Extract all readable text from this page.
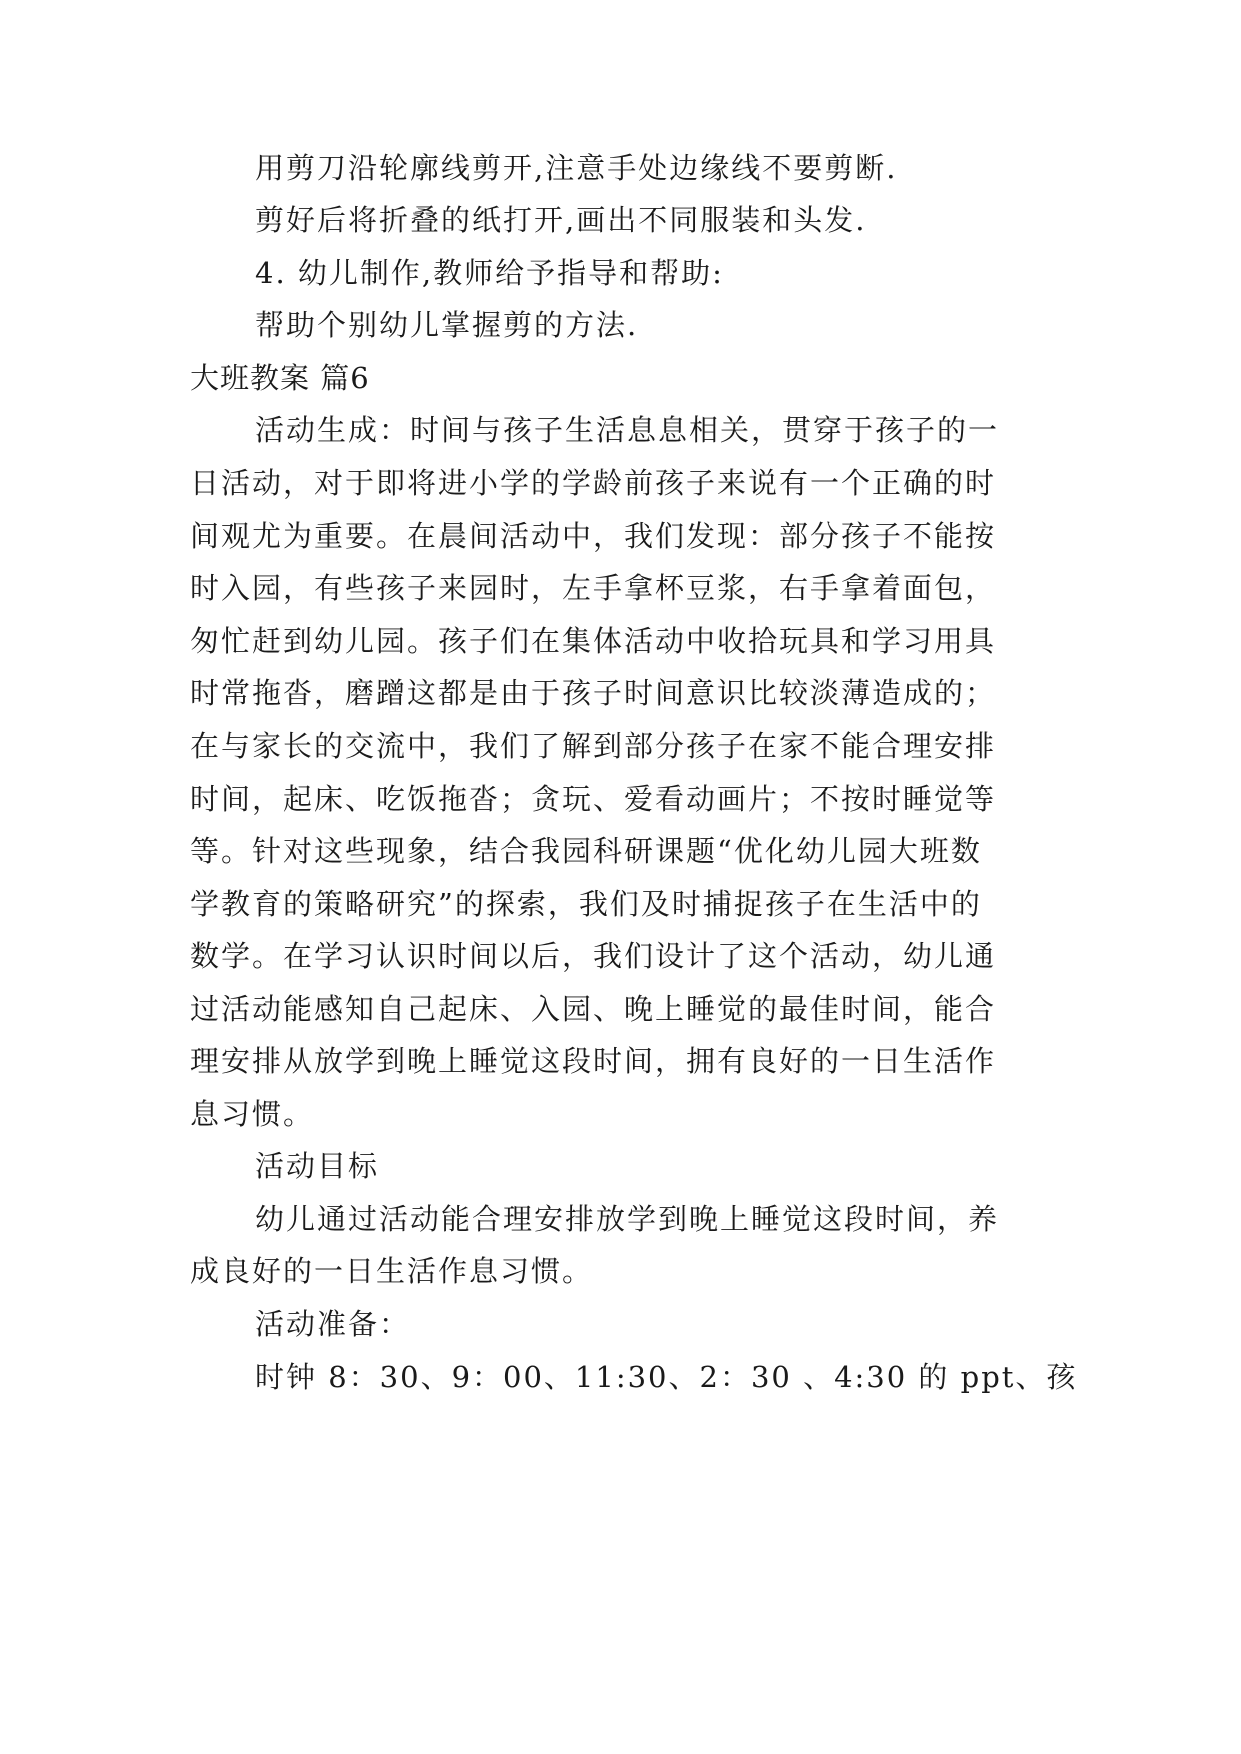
用剪刀沿轮廓线剪开,注意手处边缘线不要剪断.
剪好后将折叠的纸打开,画出不同服装和头发.
4. 幼儿制作,教师给予指导和帮助:
帮助个别幼儿掌握剪的方法.
大班教案 篇6
活动生成：时间与孩子生活息息相关，贯穿于孩子的一
日活动，对于即将进小学的学龄前孩子来说有一个正确的时
间观尤为重要。在晨间活动中，我们发现：部分孩子不能按
时入园，有些孩子来园时，左手拿杯豆浆，右手拿着面包，
匆忙赶到幼儿园。孩子们在集体活动中收拾玩具和学习用具
时常拖沓，磨蹭这都是由于孩子时间意识比较淡薄造成的；
在与家长的交流中，我们了解到部分孩子在家不能合理安排
时间，起床、吃饭拖沓；贪玩、爱看动画片；不按时睡觉等
等。针对这些现象，结合我园科研课题“优化幼儿园大班数
学教育的策略研究”的探索，我们及时捕捉孩子在生活中的
数学。在学习认识时间以后，我们设计了这个活动，幼儿通
过活动能感知自己起床、入园、晚上睡觉的最佳时间，能合
理安排从放学到晚上睡觉这段时间，拥有良好的一日生活作
息习惯。
活动目标
幼儿通过活动能合理安排放学到晚上睡觉这段时间，养
成良好的一日生活作息习惯。
活动准备：
时钟 8：30、9：00、11:30、2：30 、4:30 的 ppt、孩
